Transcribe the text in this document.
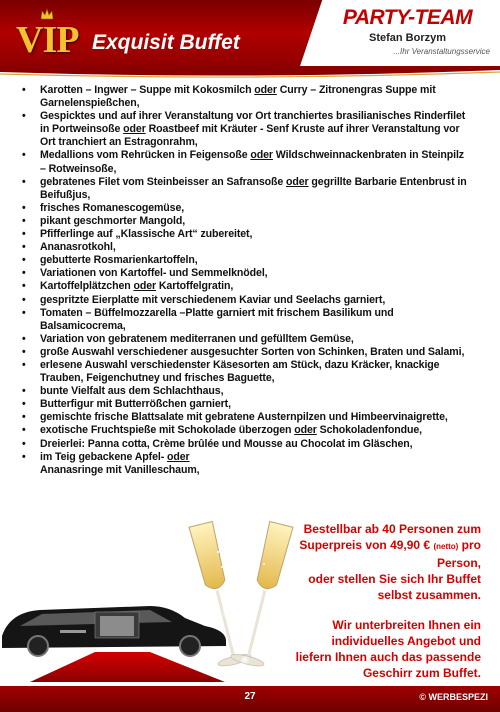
VIP Exquisit Buffet
PARTY-TEAM
Stefan Borzym
...Ihr Veranstaltungsservice
• Karotten – Ingwer – Suppe mit Kokosmilch oder Curry – Zitronengras Suppe mit Garnelenspießchen,
• Gespicktes und auf ihrer Veranstaltung vor Ort tranchiertes brasilianisches Rinderfilet in Portweinsoße oder Roastbeef mit Kräuter - Senf Kruste auf ihrer Veranstaltung vor Ort tranchiert an Estragonrahm,
• Medallions vom Rehrücken in Feigensoße oder Wildschweinnackenbraten in Steinpilz – Rotweinsoße,
• gebratenes Filet vom Steinbeisser an Safransoße oder gegrillte Barbarie Entenbrust in Beifußjus,
• frisches Romanescogemüse,
• pikant geschmorter Mangold,
• Pfifferlinge auf „Klassische Art“ zubereitet,
• Ananasrotkohl,
• gebutterte Rosmarienkartoffeln,
• Variationen von Kartoffel- und Semmelknödel,
• Kartoffelplätzchen oder Kartoffelgratin,
• gespritzte Eierplatte mit verschiedenem Kaviar und Seelachs garniert,
• Tomaten – Büffelmozzarella –Platte garniert mit frischem Basilikum und Balsamicocrema,
• Variation von gebratenem mediterranen und gefülltem Gemüse,
• große Auswahl verschiedener ausgesuchter Sorten von Schinken, Braten und Salami,
• erlesene Auswahl verschiedenster Käsesorten am Stück, dazu Kräcker, knackige Trauben, Feigenchutney und frisches Baguette,
• bunte Vielfalt aus dem Schlachthaus,
• Butterfigur mit Butterrößchen garniert,
• gemischte frische Blattsalate mit gebratene Austernpilzen und Himbeervinaigrette,
• exotische Fruchtspieße mit Schokolade überzogen oder Schokoladenfondue,
• Dreierlei: Panna cotta, Crème brûlée und Mousse au Chocolat im Gläschen,
• im Teig gebackene Apfel- oder
Ananasringe mit Vanilleschaum,

Bestellbar ab 40 Personen zum

Superpreis von 49,90 € (netto) pro

Person,

oder stellen Sie sich Ihr Buffet

selbst zusammen.

Wir unterbreiten Ihnen ein

individuelles Angebot und

liefern Ihnen auch das passende

Geschirr zum Buffet.

27	© WERBESPEZI
